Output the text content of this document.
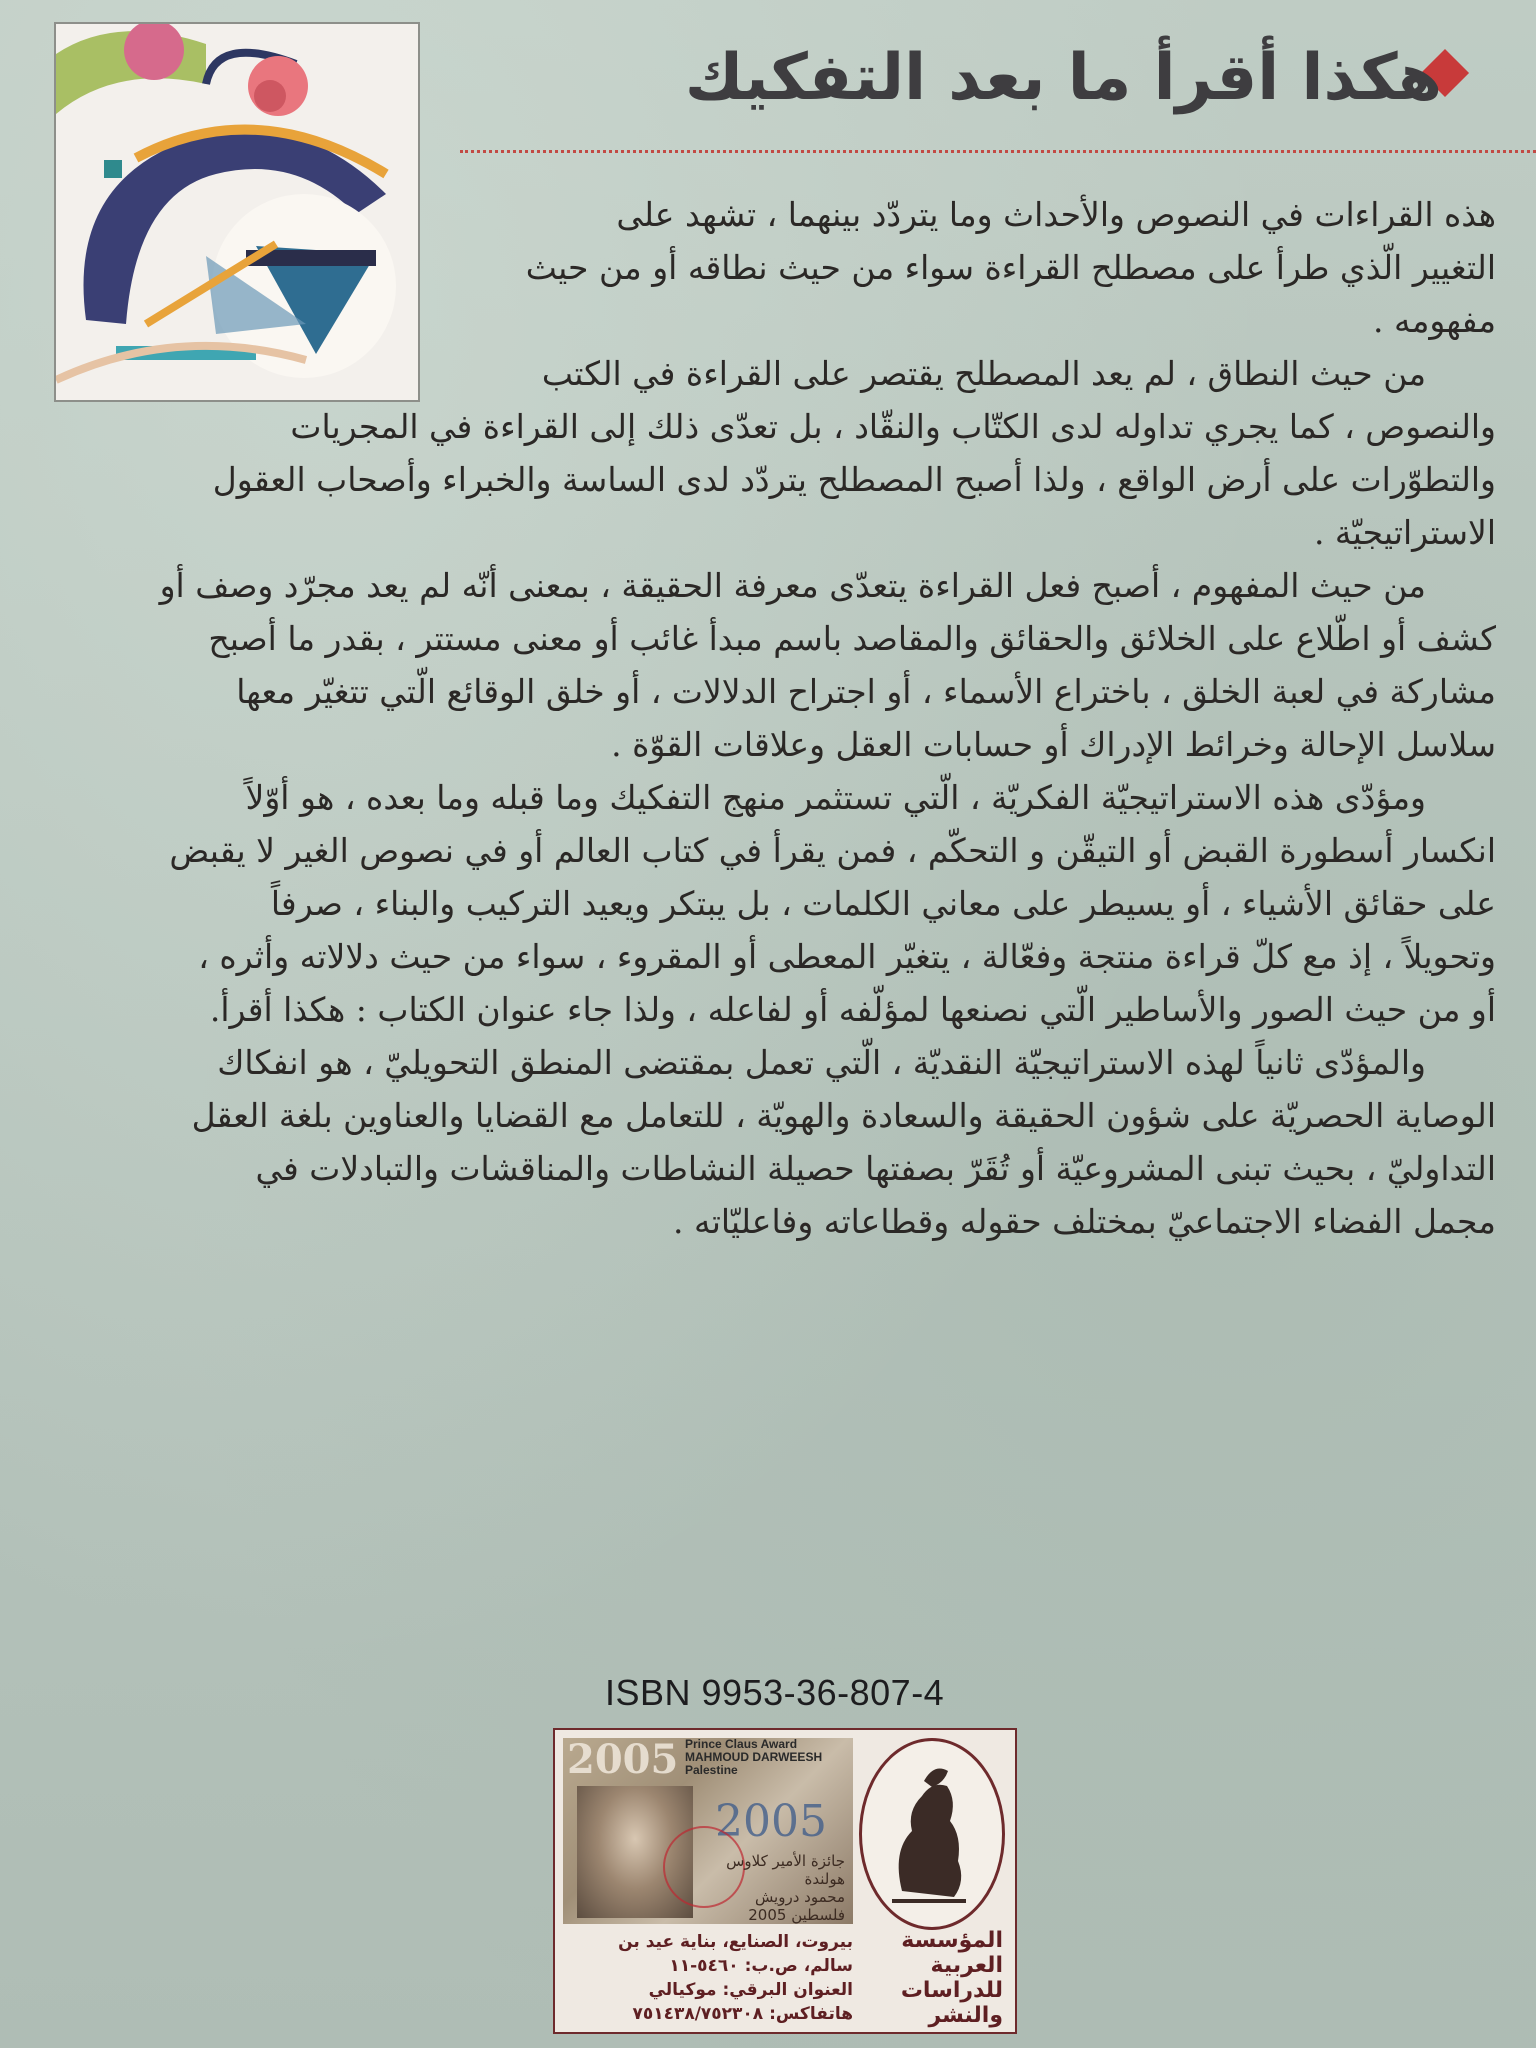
هكذا أقرأ ما بعد التفكيك
هذه القراءات في النصوص والأحداث وما يتردّد بينهما ، تشهد على
التغيير الّذي طرأ على مصطلح القراءة سواء من حيث نطاقه أو من حيث
مفهومه .
من حيث النطاق ، لم يعد المصطلح يقتصر على القراءة في الكتب
والنصوص ، كما يجري تداوله لدى الكتّاب والنقّاد ، بل تعدّى ذلك إلى القراءة في المجريات
والتطوّرات على أرض الواقع ، ولذا أصبح المصطلح يتردّد لدى الساسة والخبراء وأصحاب العقول
الاستراتيجيّة .
من حيث المفهوم ، أصبح فعل القراءة يتعدّى معرفة الحقيقة ، بمعنى أنّه لم يعد مجرّد وصف أو
كشف أو اطّلاع على الخلائق والحقائق والمقاصد باسم مبدأ غائب أو معنى مستتر ، بقدر ما أصبح
مشاركة في لعبة الخلق ، باختراع الأسماء ، أو اجتراح الدلالات ، أو خلق الوقائع الّتي تتغيّر معها
سلاسل الإحالة وخرائط الإدراك أو حسابات العقل وعلاقات القوّة .
ومؤدّى هذه الاستراتيجيّة الفكريّة ، الّتي تستثمر منهج التفكيك وما قبله وما بعده ، هو أوّلاً
انكسار أسطورة القبض أو التيقّن و التحكّم ، فمن يقرأ في كتاب العالم أو في نصوص الغير لا يقبض
على حقائق الأشياء ، أو يسيطر على معاني الكلمات ، بل يبتكر ويعيد التركيب والبناء ، صرفاً
وتحويلاً ، إذ مع كلّ قراءة منتجة وفعّالة ، يتغيّر المعطى أو المقروء ، سواء من حيث دلالاته وأثره ،
أو من حيث الصور والأساطير الّتي نصنعها لمؤلّفه أو لفاعله ، ولذا جاء عنوان الكتاب : هكذا أقرأ.
والمؤدّى ثانياً لهذه الاستراتيجيّة النقديّة ، الّتي تعمل بمقتضى المنطق التحويليّ ، هو انفكاك
الوصاية الحصريّة على شؤون الحقيقة والسعادة والهويّة ، للتعامل مع القضايا والعناوين بلغة العقل
التداوليّ ، بحيث تبنى المشروعيّة أو تُقَرّ بصفتها حصيلة النشاطات والمناقشات والتبادلات في
مجمل الفضاء الاجتماعيّ بمختلف حقوله وقطاعاته وفاعليّاته .
ISBN 9953-36-807-4
2005
2005
Prince Claus Award
MAHMOUD DARWEESH
Palestine
جائزة الأمير كلاوس هولندة
محمود درويش
فلسطين 2005
المؤسسة العربية للدراسات والنشر
بيروت، الصنايع، بناية عيد بن سالم، ص.ب: ٥٤٦٠-١١
العنوان البرقي: موكيالي
هاتفاكس: ٧٥١٤٣٨/٧٥٢٣٠٨
